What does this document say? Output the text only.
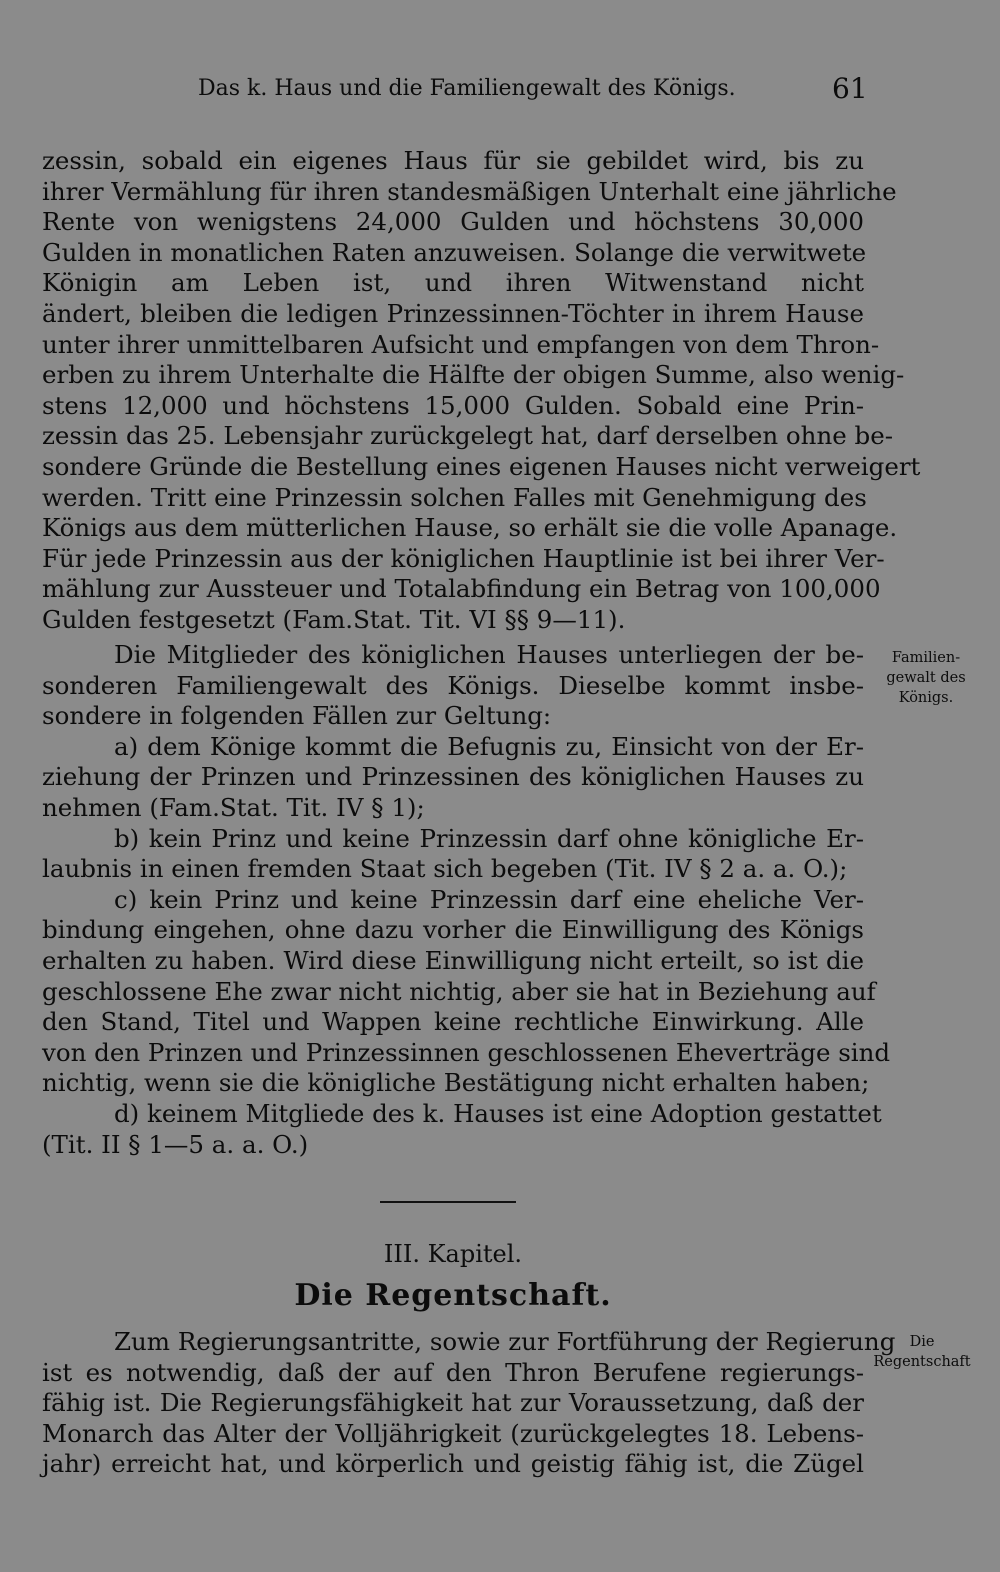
Das k. Haus und die Familiengewalt des Königs.	61
zessin, sobald ein eigenes Haus für sie gebildet wird, bis zu
ihrer Vermählung für ihren standesmäßigen Unterhalt eine jährliche
Rente von wenigstens 24,000 Gulden und höchstens 30,000
Gulden in monatlichen Raten anzuweisen. Solange die verwitwete
Königin am Leben ist, und ihren Witwenstand nicht
ändert, bleiben die ledigen Prinzessinnen-Töchter in ihrem Hause
unter ihrer unmittelbaren Aufsicht und empfangen von dem Thron-
erben zu ihrem Unterhalte die Hälfte der obigen Summe, also wenig-
stens 12,000 und höchstens 15,000 Gulden. Sobald eine Prin-
zessin das 25. Lebensjahr zurückgelegt hat, darf derselben ohne be-
sondere Gründe die Bestellung eines eigenen Hauses nicht verweigert
werden. Tritt eine Prinzessin solchen Falles mit Genehmigung des
Königs aus dem mütterlichen Hause, so erhält sie die volle Apanage.
Für jede Prinzessin aus der königlichen Hauptlinie ist bei ihrer Ver-
mählung zur Aussteuer und Totalabfindung ein Betrag von 100,000
Gulden festgesetzt (Fam.Stat. Tit. VI §§ 9—11).
Die Mitglieder des königlichen Hauses unterliegen der be-
sonderen Familiengewalt des Königs. Dieselbe kommt insbe-
sondere in folgenden Fällen zur Geltung:
a) dem Könige kommt die Befugnis zu, Einsicht von der Er-
ziehung der Prinzen und Prinzessinen des königlichen Hauses zu
nehmen (Fam.Stat. Tit. IV § 1);
b) kein Prinz und keine Prinzessin darf ohne königliche Er-
laubnis in einen fremden Staat sich begeben (Tit. IV § 2 a. a. O.);
c) kein Prinz und keine Prinzessin darf eine eheliche Ver-
bindung eingehen, ohne dazu vorher die Einwilligung des Königs
erhalten zu haben. Wird diese Einwilligung nicht erteilt, so ist die
geschlossene Ehe zwar nicht nichtig, aber sie hat in Beziehung auf
den Stand, Titel und Wappen keine rechtliche Einwirkung. Alle
von den Prinzen und Prinzessinnen geschlossenen Eheverträge sind
nichtig, wenn sie die königliche Bestätigung nicht erhalten haben;
d) keinem Mitgliede des k. Hauses ist eine Adoption gestattet
(Tit. II § 1—5 a. a. O.)
Familien-
gewalt des
Königs.
III. Kapitel.
Die Regentschaft.
Zum Regierungsantritte, sowie zur Fortführung der Regierung
ist es notwendig, daß der auf den Thron Berufene regierungs-
fähig ist. Die Regierungsfähigkeit hat zur Voraussetzung, daß der
Monarch das Alter der Volljährigkeit (zurückgelegtes 18. Lebens-
jahr) erreicht hat, und körperlich und geistig fähig ist, die Zügel
Die
Regentschaft
